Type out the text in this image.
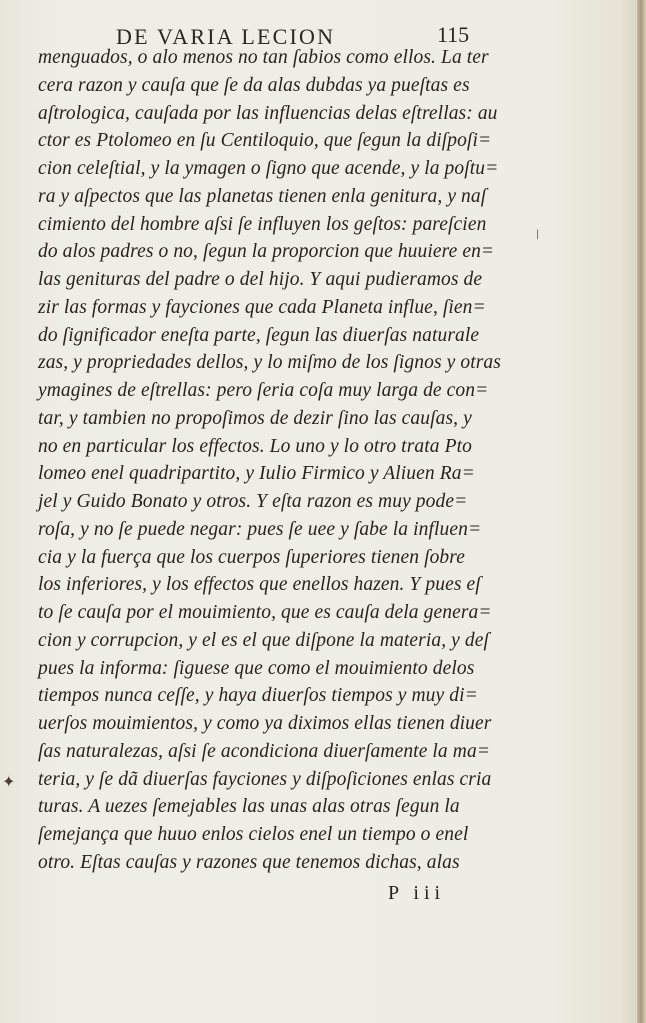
DE VARIA LECION	115
menguados, o alo menos no tan ſabios como ellos. La ter
cera razon y cauſa que ſe da alas dubdas ya pueſtas es
aſtrologica, cauſada por las influencias delas eſtrellas: au
ctor es Ptolomeo en ſu Centiloquio, que ſegun la diſpoſi=
cion celeſtial, y la ymagen o ſigno que acende, y la poſtu=
ra y aſpectos que las planetas tienen enla genitura, y naſ
cimiento del hombre aſsi ſe influyen los geſtos: pareſcien
do alos padres o no, ſegun la proporcion que huuiere en=
las genituras del padre o del hijo. Y aqui pudieramos de
zir las formas y fayciones que cada Planeta influe, ſien=
do ſignificador eneſta parte, ſegun las diuerſas naturale
zas, y propriedades dellos, y lo miſmo de los ſignos y otras
ymagines de eſtrellas: pero ſeria coſa muy larga de con=
tar, y tambien no propoſimos de dezir ſino las cauſas, y
no en particular los effectos. Lo uno y lo otro trata Pto
lomeo enel quadripartito, y Iulio Firmico y Aliuen Ra=
jel y Guido Bonato y otros. Y eſta razon es muy pode=
roſa, y no ſe puede negar: pues ſe uee y ſabe la influen=
cia y la fuerça que los cuerpos ſuperiores tienen ſobre
los inferiores, y los effectos que enellos hazen. Y pues eſ
to ſe cauſa por el mouimiento, que es cauſa dela genera=
cion y corrupcion, y el es el que diſpone la materia, y deſ
pues la informa: ſiguese que como el mouimiento delos
tiempos nunca ceſſe, y haya diuerſos tiempos y muy di=
uerſos mouimientos, y como ya diximos ellas tienen diuer
ſas naturalezas, aſsi ſe acondiciona diuerſamente la ma=
teria, y ſe dã diuerſas fayciones y diſpoſiciones enlas cria
turas. A uezes ſemejables las unas alas otras ſegun la
ſemejança que huuo enlos cielos enel un tiempo o enel
otro. Eſtas cauſas y razones que tenemos dichas, alas
P iii
✦
ǀ
